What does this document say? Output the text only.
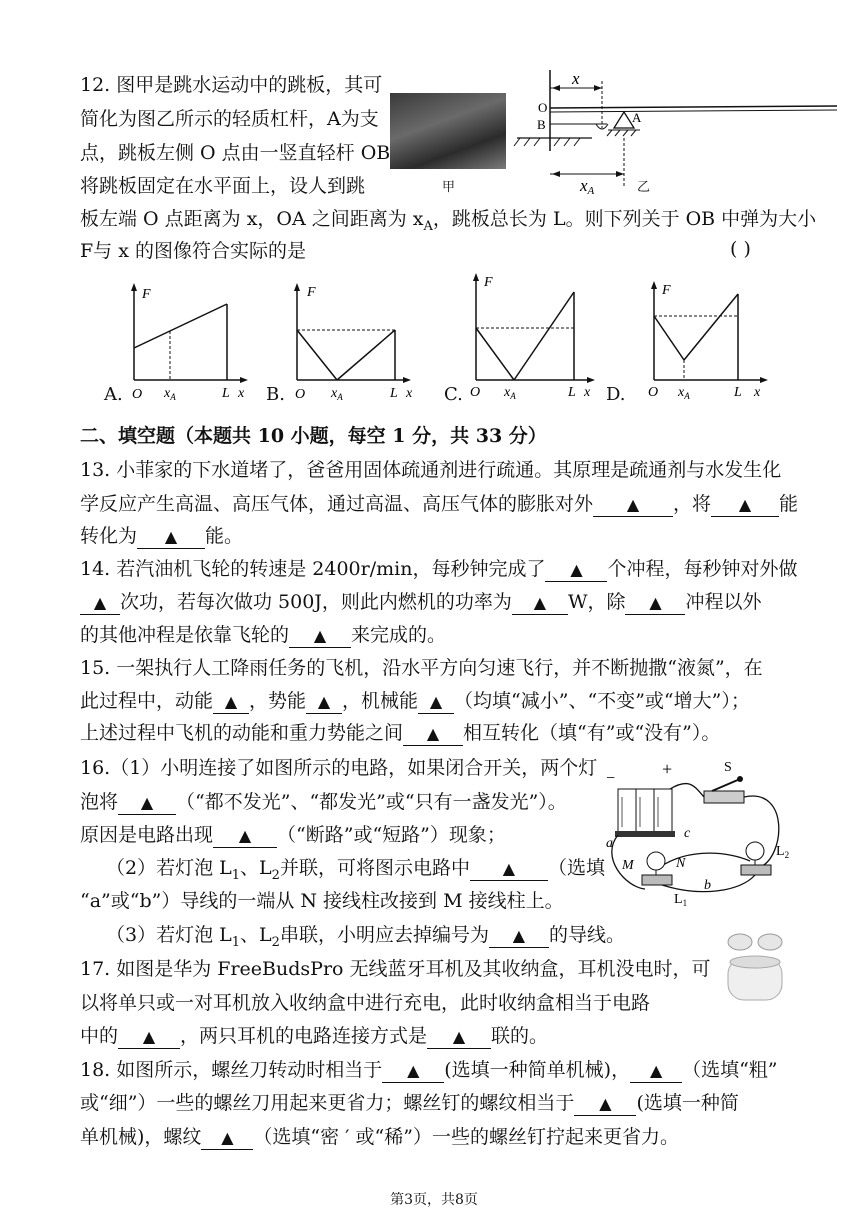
12. 图甲是跳水运动中的跳板，其可
简化为图乙所示的轻质杠杆，A为支
点，跳板左侧 O 点由一竖直轻杆 OB
将跳板固定在水平面上，设人到跳
板左端 O 点距离为 x，OA 之间距离为 $x_A$，跳板总长为 L。则下列关于 OB 中弹为大小
F与 x 的图像符合实际的是	( )
甲
x
O
B	A
xA	乙
F
O $x_A$	L x
A.
F
O $x_A$	L x
B.
F
O $x_A$	L x
C.
F
O $x_A$	L x
D.
二、填空题（本题共 10 小题，每空 1 分，共 33 分）
13. 小菲家的下水道堵了，爸爸用固体疏通剂进行疏通。其原理是疏通剂与水发生化
学反应产生高温、高压气体，通过高温、高压气体的膨胀对外 ▲ ，将 ▲ 能
转化为 ▲ 能。
14. 若汽油机飞轮的转速是 2400r/min，每秒钟完成了 ▲ 个冲程，每秒钟对外做
▲ 次功，若每次做功 500J，则此内燃机的功率为 ▲ W，除 ▲ 冲程以外
的其他冲程是依靠飞轮的 ▲ 来完成的。
15. 一架执行人工降雨任务的飞机，沿水平方向匀速飞行，并不断抛撒“液氮”，在
此过程中，动能 ▲ ，势能 ▲ ，机械能 ▲ （均填“减小”、“不变”或“增大”）；
上述过程中飞机的动能和重力势能之间 ▲ 相互转化（填“有”或“没有”）。
16.（1）小明连接了如图所示的电路，如果闭合开关，两个灯
泡将 ▲ （“都不发光”、“都发光”或“只有一盏发光”）。
原因是电路出现 ▲ （“断路”或“短路”）现象；
（2）若灯泡 $L_1$、$L_2$并联，可将图示电路中 ▲ （选填
“a”或“b”）导线的一端从 N 接线柱改接到 M 接线柱上。
（3）若灯泡 $L_1$、$L_2$串联，小明应去掉编号为 ▲ 的导线。
−	+	S
a
c
M	N
b
$L_1$
$L_2$
17. 如图是华为 FreeBudsPro 无线蓝牙耳机及其收纳盒，耳机没电时，可
以将单只或一对耳机放入收纳盒中进行充电，此时收纳盒相当于电路
中的 ▲ ，两只耳机的电路连接方式是 ▲ 联的。
18. 如图所示，螺丝刀转动时相当于 ▲ (选填一种简单机械)， ▲ （选填“粗”
或“细”）一些的螺丝刀用起来更省力；螺丝钉的螺纹相当于 ▲ (选填一种简
单机械)，螺纹 ▲ （选填“密 ′ 或“稀”）一些的螺丝钉拧起来更省力。
第3页，共8页
